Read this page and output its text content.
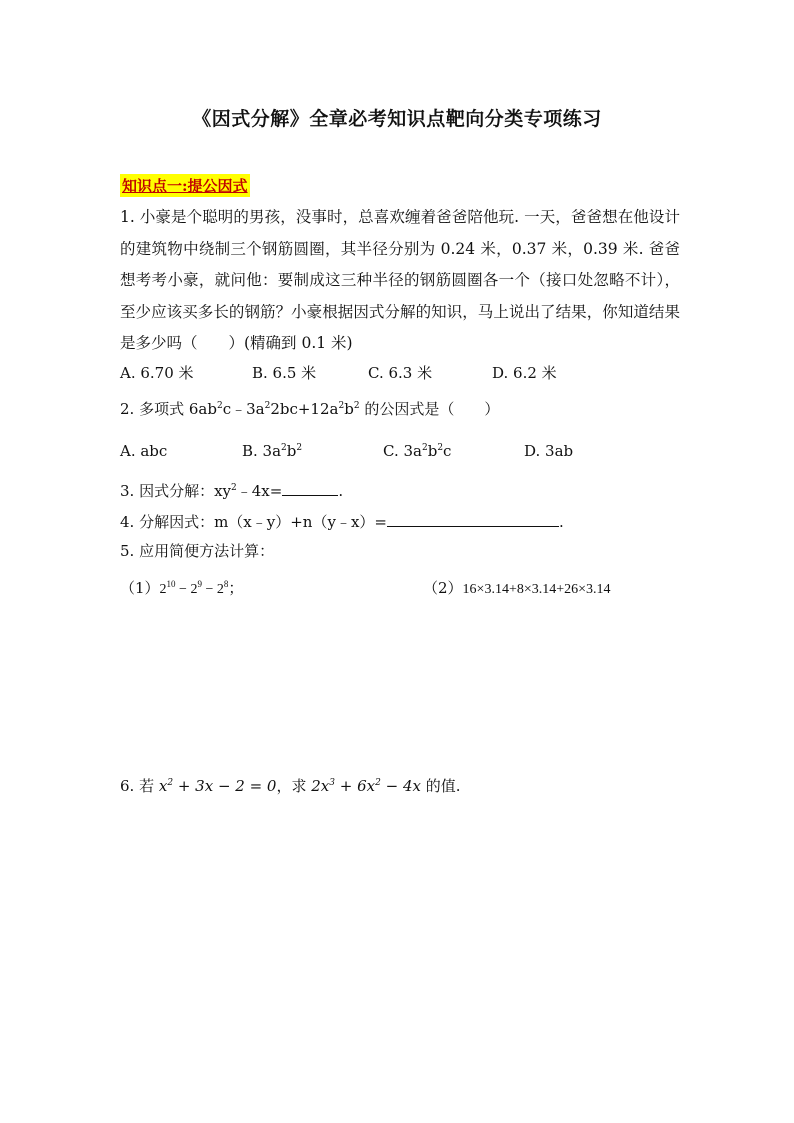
《因式分解》全章必考知识点靶向分类专项练习
知识点一:提公因式
1. 小豪是个聪明的男孩，没事时，总喜欢缠着爸爸陪他玩. 一天，爸爸想在他设计的建筑物中绕制三个钢筋圆圈，其半径分别为 0.24 米，0.37 米，0.39 米. 爸爸想考考小豪，就问他：要制成这三种半径的钢筋圆圈各一个（接口处忽略不计），至少应该买多长的钢筋？小豪根据因式分解的知识，马上说出了结果，你知道结果是多少吗（　　）(精确到 0.1 米)
A. 6.70 米	B. 6.5 米	C. 6.3 米	D. 6.2 米
2. 多项式 $6ab^2c﹣3a^22bc+12a^2b^2$ 的公因式是（　　）
A. abc	B. $3a^2b^2$	C. $3a^2b^2c$	D. 3ab
3. 因式分解：$xy^2﹣4x=$	.
4. 分解因式：m（x﹣y）+n（y﹣x）=	.
5. 应用简便方法计算：
$(1)2^{10} - 2^9 - 2^8$；	（2）16×3.14+8×3.14+26×3.14
6. 若 $x^2 + 3x - 2 = 0$，求 $2x^3 + 6x^2 - 4x$ 的值.
